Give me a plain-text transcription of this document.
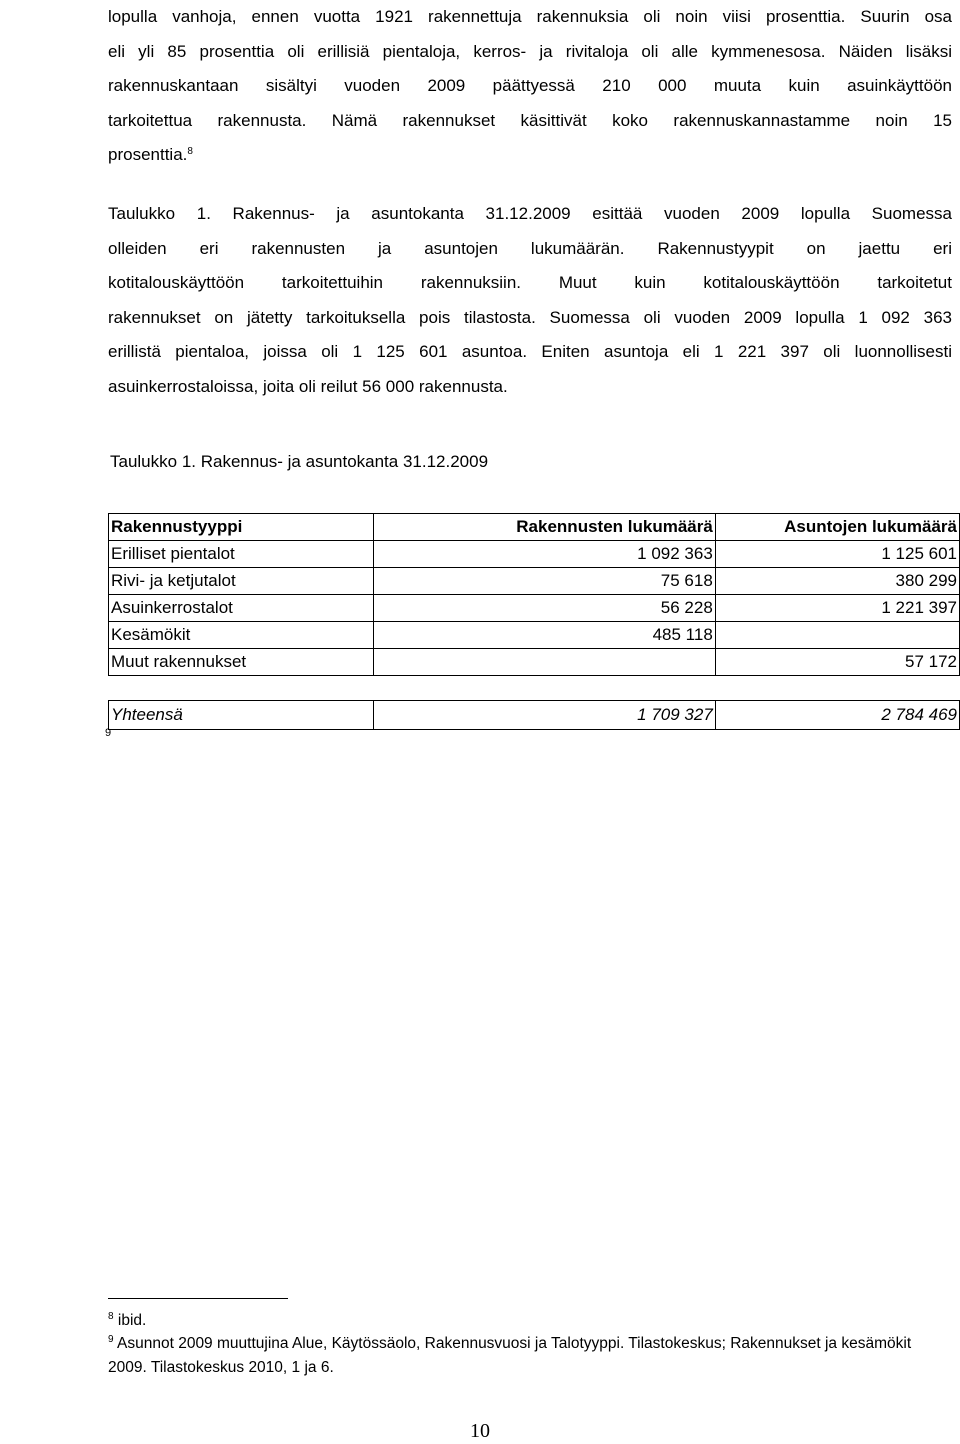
lopulla vanhoja, ennen vuotta 1921 rakennettuja rakennuksia oli noin viisi prosenttia. Suurin osa
eli yli 85 prosenttia oli erillisiä pientaloja, kerros- ja rivitaloja oli alle kymmenesosa. Näiden lisäksi
rakennuskantaan sisältyi vuoden 2009 päättyessä 210 000 muuta kuin asuinkäyttöön
tarkoitettua rakennusta. Nämä rakennukset käsittivät koko rakennuskannastamme noin 15
prosenttia.$^8$
Taulukko 1. Rakennus- ja asuntokanta 31.12.2009 esittää vuoden 2009 lopulla Suomessa
olleiden eri rakennusten ja asuntojen lukumäärän. Rakennustyypit on jaettu eri
kotitalouskäyttöön tarkoitettuihin rakennuksiin. Muut kuin kotitalouskäyttöön tarkoitetut
rakennukset on jätetty tarkoituksella pois tilastosta. Suomessa oli vuoden 2009 lopulla 1 092 363
erillistä pientaloa, joissa oli 1 125 601 asuntoa. Eniten asuntoja eli 1 221 397 oli luonnollisesti
asuinkerrostaloissa, joita oli reilut 56 000 rakennusta.
Taulukko 1. Rakennus- ja asuntokanta 31.12.2009
Rakennustyyppi	Rakennusten lukumäärä	Asuntojen lukumäärä
Erilliset pientalot	1 092 363	1 125 601
Rivi- ja ketjutalot	75 618	380 299
Asuinkerrostalot	56 228	1 221 397
Kesämökit	485 118	
Muut rakennukset		57 172

Yhteensä	1 709 327	2 784 469
9

$^8$ ibid.

$^9$ Asunnot 2009 muuttujina Alue, Käytössäolo, Rakennusvuosi ja Talotyyppi. Tilastokeskus; Rakennukset ja kesämökit 2009. Tilastokeskus 2010, 1 ja 6.

10
